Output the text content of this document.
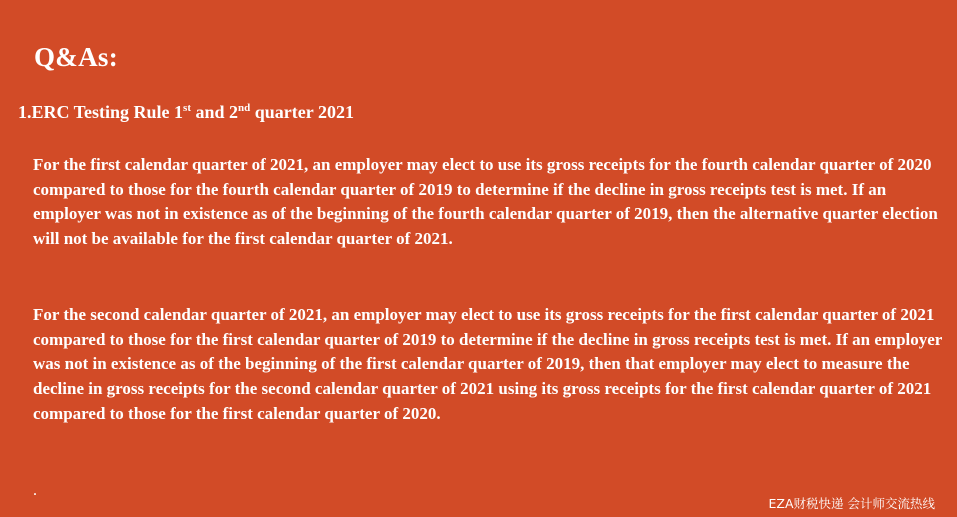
Q&As:
1.ERC Testing Rule 1st and 2nd quarter 2021
For the first calendar quarter of 2021, an employer may elect to use its gross receipts for the fourth calendar quarter of 2020 compared to those for the fourth calendar quarter of 2019 to determine if the decline in gross receipts test is met. If an employer was not in existence as of the beginning of the fourth calendar quarter of 2019, then the alternative quarter election will not be available for the first calendar quarter of 2021.
For the second calendar quarter of 2021, an employer may elect to use its gross receipts for the first calendar quarter of 2021 compared to those for the first calendar quarter of 2019 to determine if the decline in gross receipts test is met. If an employer was not in existence as of the beginning of the first calendar quarter of 2019, then that employer may elect to measure the decline in gross receipts for the second calendar quarter of 2021 using its gross receipts for the first calendar quarter of 2021 compared to those for the first calendar quarter of 2020.
·
EZA财税快递 会计师交流热线
